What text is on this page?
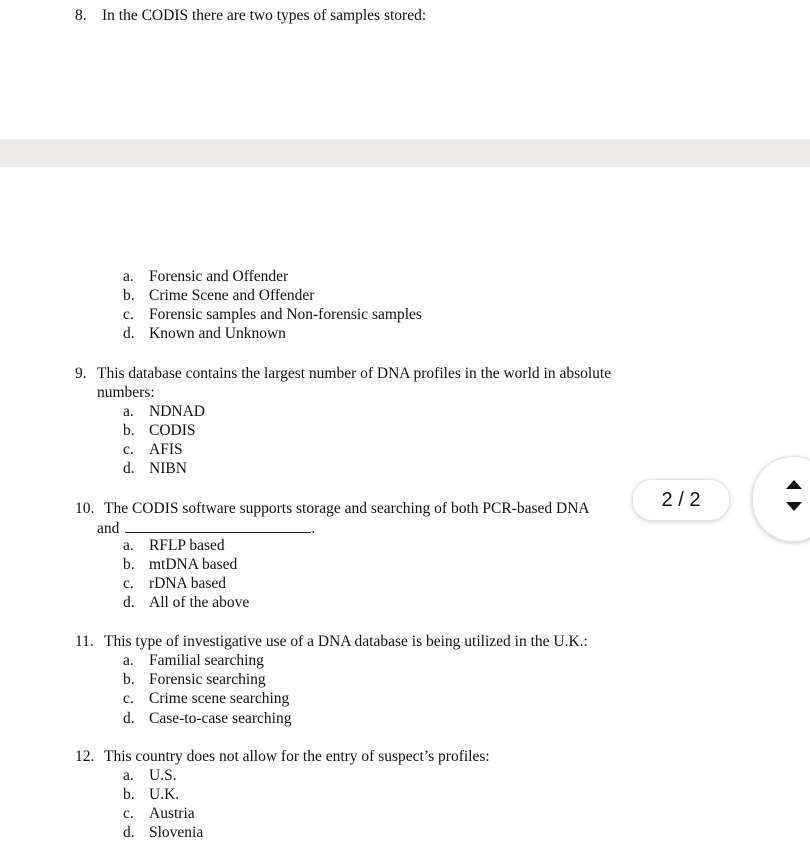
8. In the CODIS there are two types of samples stored:
a. Forensic and Offender
b. Crime Scene and Offender
c. Forensic samples and Non-forensic samples
d. Known and Unknown
9. This database contains the largest number of DNA profiles in the world in absolute
numbers:
a. NDNAD
b. CODIS
c. AFIS
d. NIBN
10. The CODIS software supports storage and searching of both PCR-based DNA
and	.
a. RFLP based
b. mtDNA based
c. rDNA based
d. All of the above
11. This type of investigative use of a DNA database is being utilized in the U.K.:
a. Familial searching
b. Forensic searching
c. Crime scene searching
d. Case-to-case searching
12. This country does not allow for the entry of suspect’s profiles:
a. U.S.
b. U.K.
c. Austria
d. Slovenia
2 / 2
